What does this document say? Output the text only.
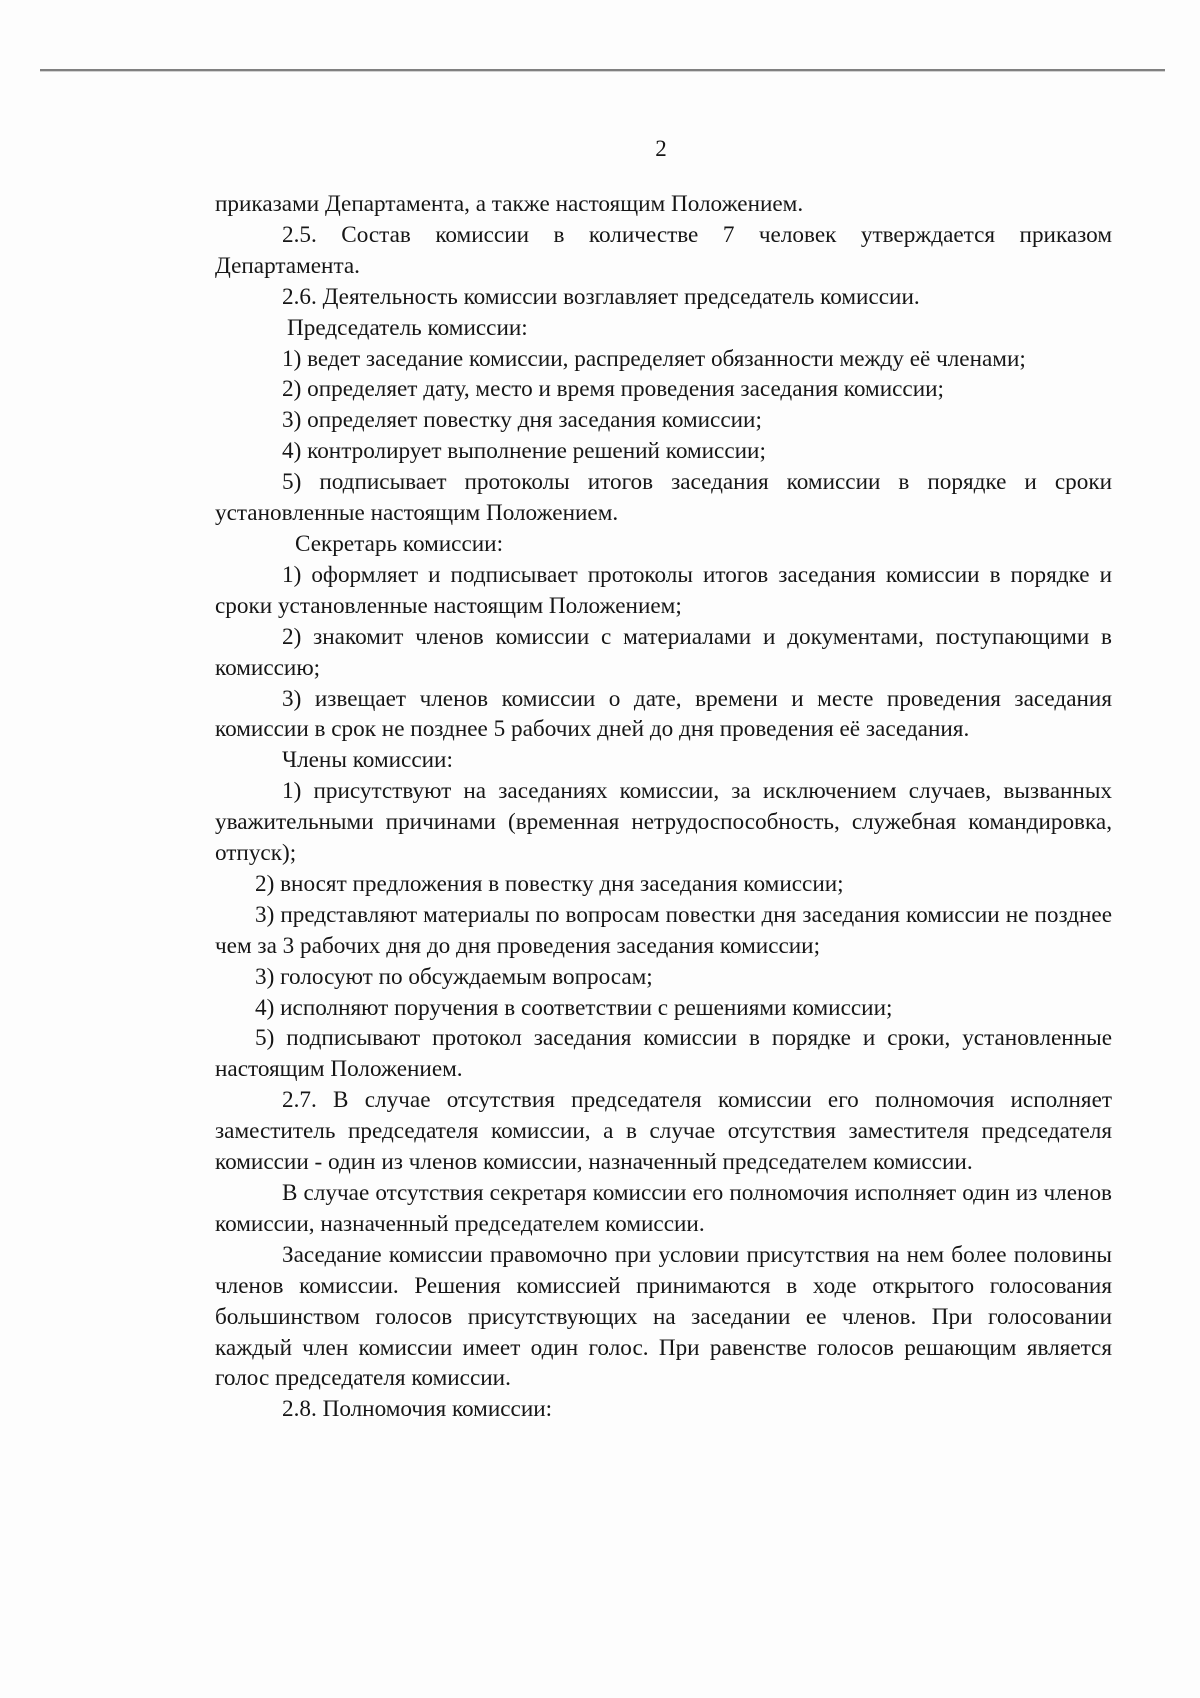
2

приказами Департамента, а также настоящим Положением.

2.5. Состав комиссии в количестве 7 человек утверждается приказом Департамента.

2.6. Деятельность комиссии возглавляет председатель комиссии.

Председатель комиссии:

1) ведет заседание комиссии, распределяет обязанности между её членами;

2) определяет дату, место и время проведения заседания комиссии;

3) определяет повестку дня заседания комиссии;

4) контролирует выполнение решений комиссии;

5) подписывает протоколы итогов заседания комиссии в порядке и сроки установленные настоящим Положением.

Секретарь комиссии:

1) оформляет и подписывает протоколы итогов заседания комиссии в порядке и сроки установленные настоящим Положением;

2) знакомит членов комиссии с материалами и документами, поступающими в комиссию;

3) извещает членов комиссии о дате, времени и месте проведения заседания комиссии в срок не позднее 5 рабочих дней до дня проведения её заседания.

Члены комиссии:

1) присутствуют на заседаниях комиссии, за исключением случаев, вызванных уважительными причинами (временная нетрудоспособность, служебная командировка, отпуск);

2) вносят предложения в повестку дня заседания комиссии;

3) представляют материалы по вопросам повестки дня заседания комиссии не позднее чем за 3 рабочих дня до дня проведения заседания комиссии;

3) голосуют по обсуждаемым вопросам;

4) исполняют поручения в соответствии с решениями комиссии;

5) подписывают протокол заседания комиссии в порядке и сроки, установленные настоящим Положением.

2.7. В случае отсутствия председателя комиссии его полномочия исполняет заместитель председателя комиссии, а в случае отсутствия заместителя председателя комиссии - один из членов комиссии, назначенный председателем комиссии.

В случае отсутствия секретаря комиссии его полномочия исполняет один из членов комиссии, назначенный председателем комиссии.

Заседание комиссии правомочно при условии присутствия на нем более половины членов комиссии. Решения комиссией принимаются в ходе открытого голосования большинством голосов присутствующих на заседании ее членов. При голосовании каждый член комиссии имеет один голос. При равенстве голосов решающим является голос председателя комиссии.

2.8. Полномочия комиссии:
